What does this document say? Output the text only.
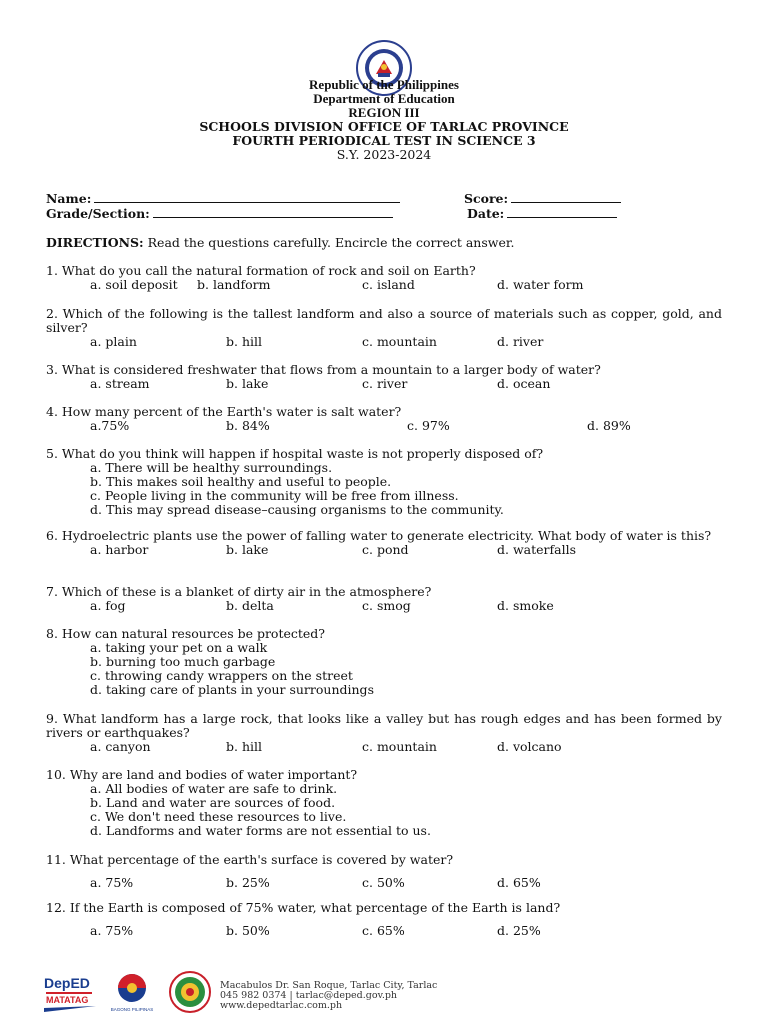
Republic of the Philippines
Department of Education
REGION III
SCHOOLS DIVISION OFFICE OF TARLAC PROVINCE
FOURTH PERIODICAL TEST IN SCIENCE 3
S.Y. 2023-2024
Name:	Score:
Grade/Section:	Date:
DIRECTIONS: Read the questions carefully. Encircle the correct answer.
1. What do you call the natural formation of rock and soil on Earth?
a. soil deposit b. landform	c. island	d. water form
2. Which of the following is the tallest landform and also a source of materials such as copper, gold, and silver?
a. plain	b. hill	c. mountain	d. river
3. What is considered freshwater that flows from a mountain to a larger body of water?
a. stream	b. lake	c. river	d. ocean
4. How many percent of the Earth's water is salt water?
a.75%	b. 84%	c. 97%	d. 89%
5. What do you think will happen if hospital waste is not properly disposed of?
a. There will be healthy surroundings.
b. This makes soil healthy and useful to people.
c. People living in the community will be free from illness.
d. This may spread disease–causing organisms to the community.
6. Hydroelectric plants use the power of falling water to generate electricity. What body of water is this?
a. harbor	b. lake	c. pond	d. waterfalls
7. Which of these is a blanket of dirty air in the atmosphere?
a. fog	b. delta	c. smog	d. smoke
8. How can natural resources be protected?
a. taking your pet on a walk
b. burning too much garbage
c. throwing candy wrappers on the street
d. taking care of plants in your surroundings
9. What landform has a large rock, that looks like a valley but has rough edges and has been formed by rivers or earthquakes?
a. canyon	b. hill	c. mountain	d. volcano
10. Why are land and bodies of water important?
a. All bodies of water are safe to drink.
b. Land and water are sources of food.
c. We don't need these resources to live.
d. Landforms and water forms are not essential to us.
11. What percentage of the earth's surface is covered by water?
a. 75%	b. 25%	c. 50%	d. 65%
12. If the Earth is composed of 75% water, what percentage of the Earth is land?
a. 75%	b. 50%	c. 65%	d. 25%
DepED
MATATAG
BAGONG PILIPINAS
Macabulos Dr. San Roque, Tarlac City, Tarlac
045 982 0374 | tarlac@deped.gov.ph
www.depedtarlac.com.ph
